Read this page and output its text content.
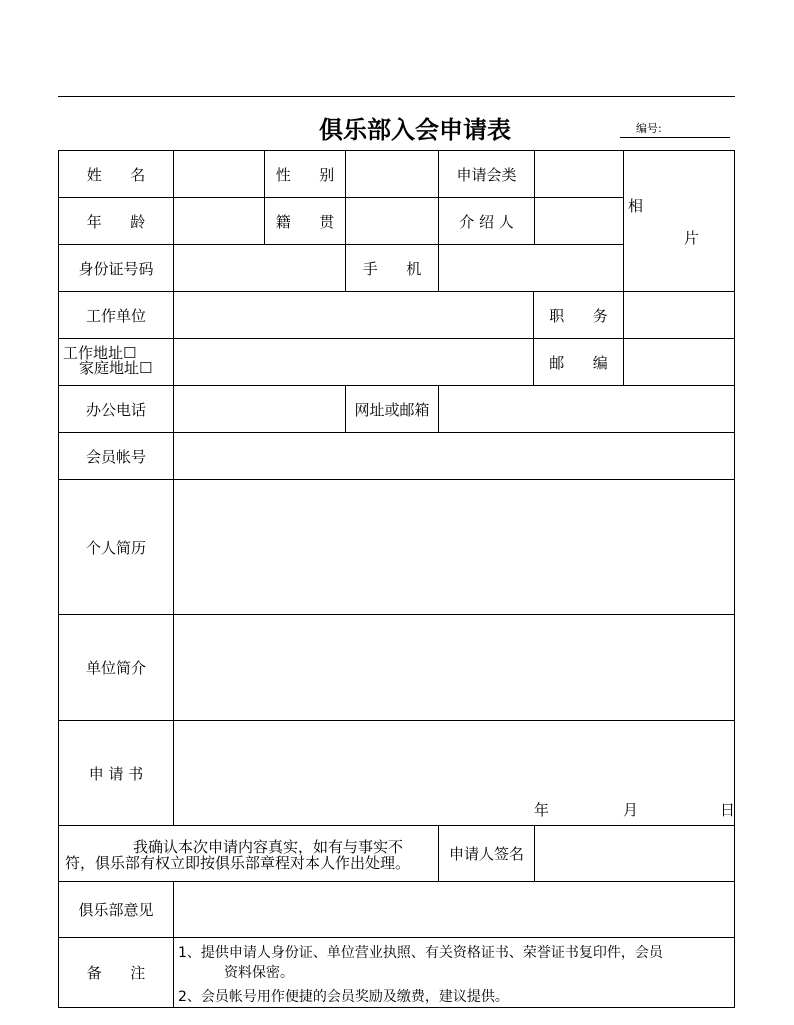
俱乐部入会申请表	编号:
姓      名	性      别	申请会类
相
片
年      龄	籍      贯	介 绍 人
身份证号码	手      机
工作单位	职      务
工作地址☐
家庭地址☐	邮      编
办公电话	网址或邮箱
会员帐号
个人简历
单位简介
申 请 书
年	月	日
我确认本次申请内容真实，如有与事实不
符，俱乐部有权立即按俱乐部章程对本人作出处理。	申请人签名
俱乐部意见
备      注
1、提供申请人身份证、单位营业执照、有关资格证书、荣誉证书复印件，会员
资料保密。
2、会员帐号用作便捷的会员奖励及缴费，建议提供。
